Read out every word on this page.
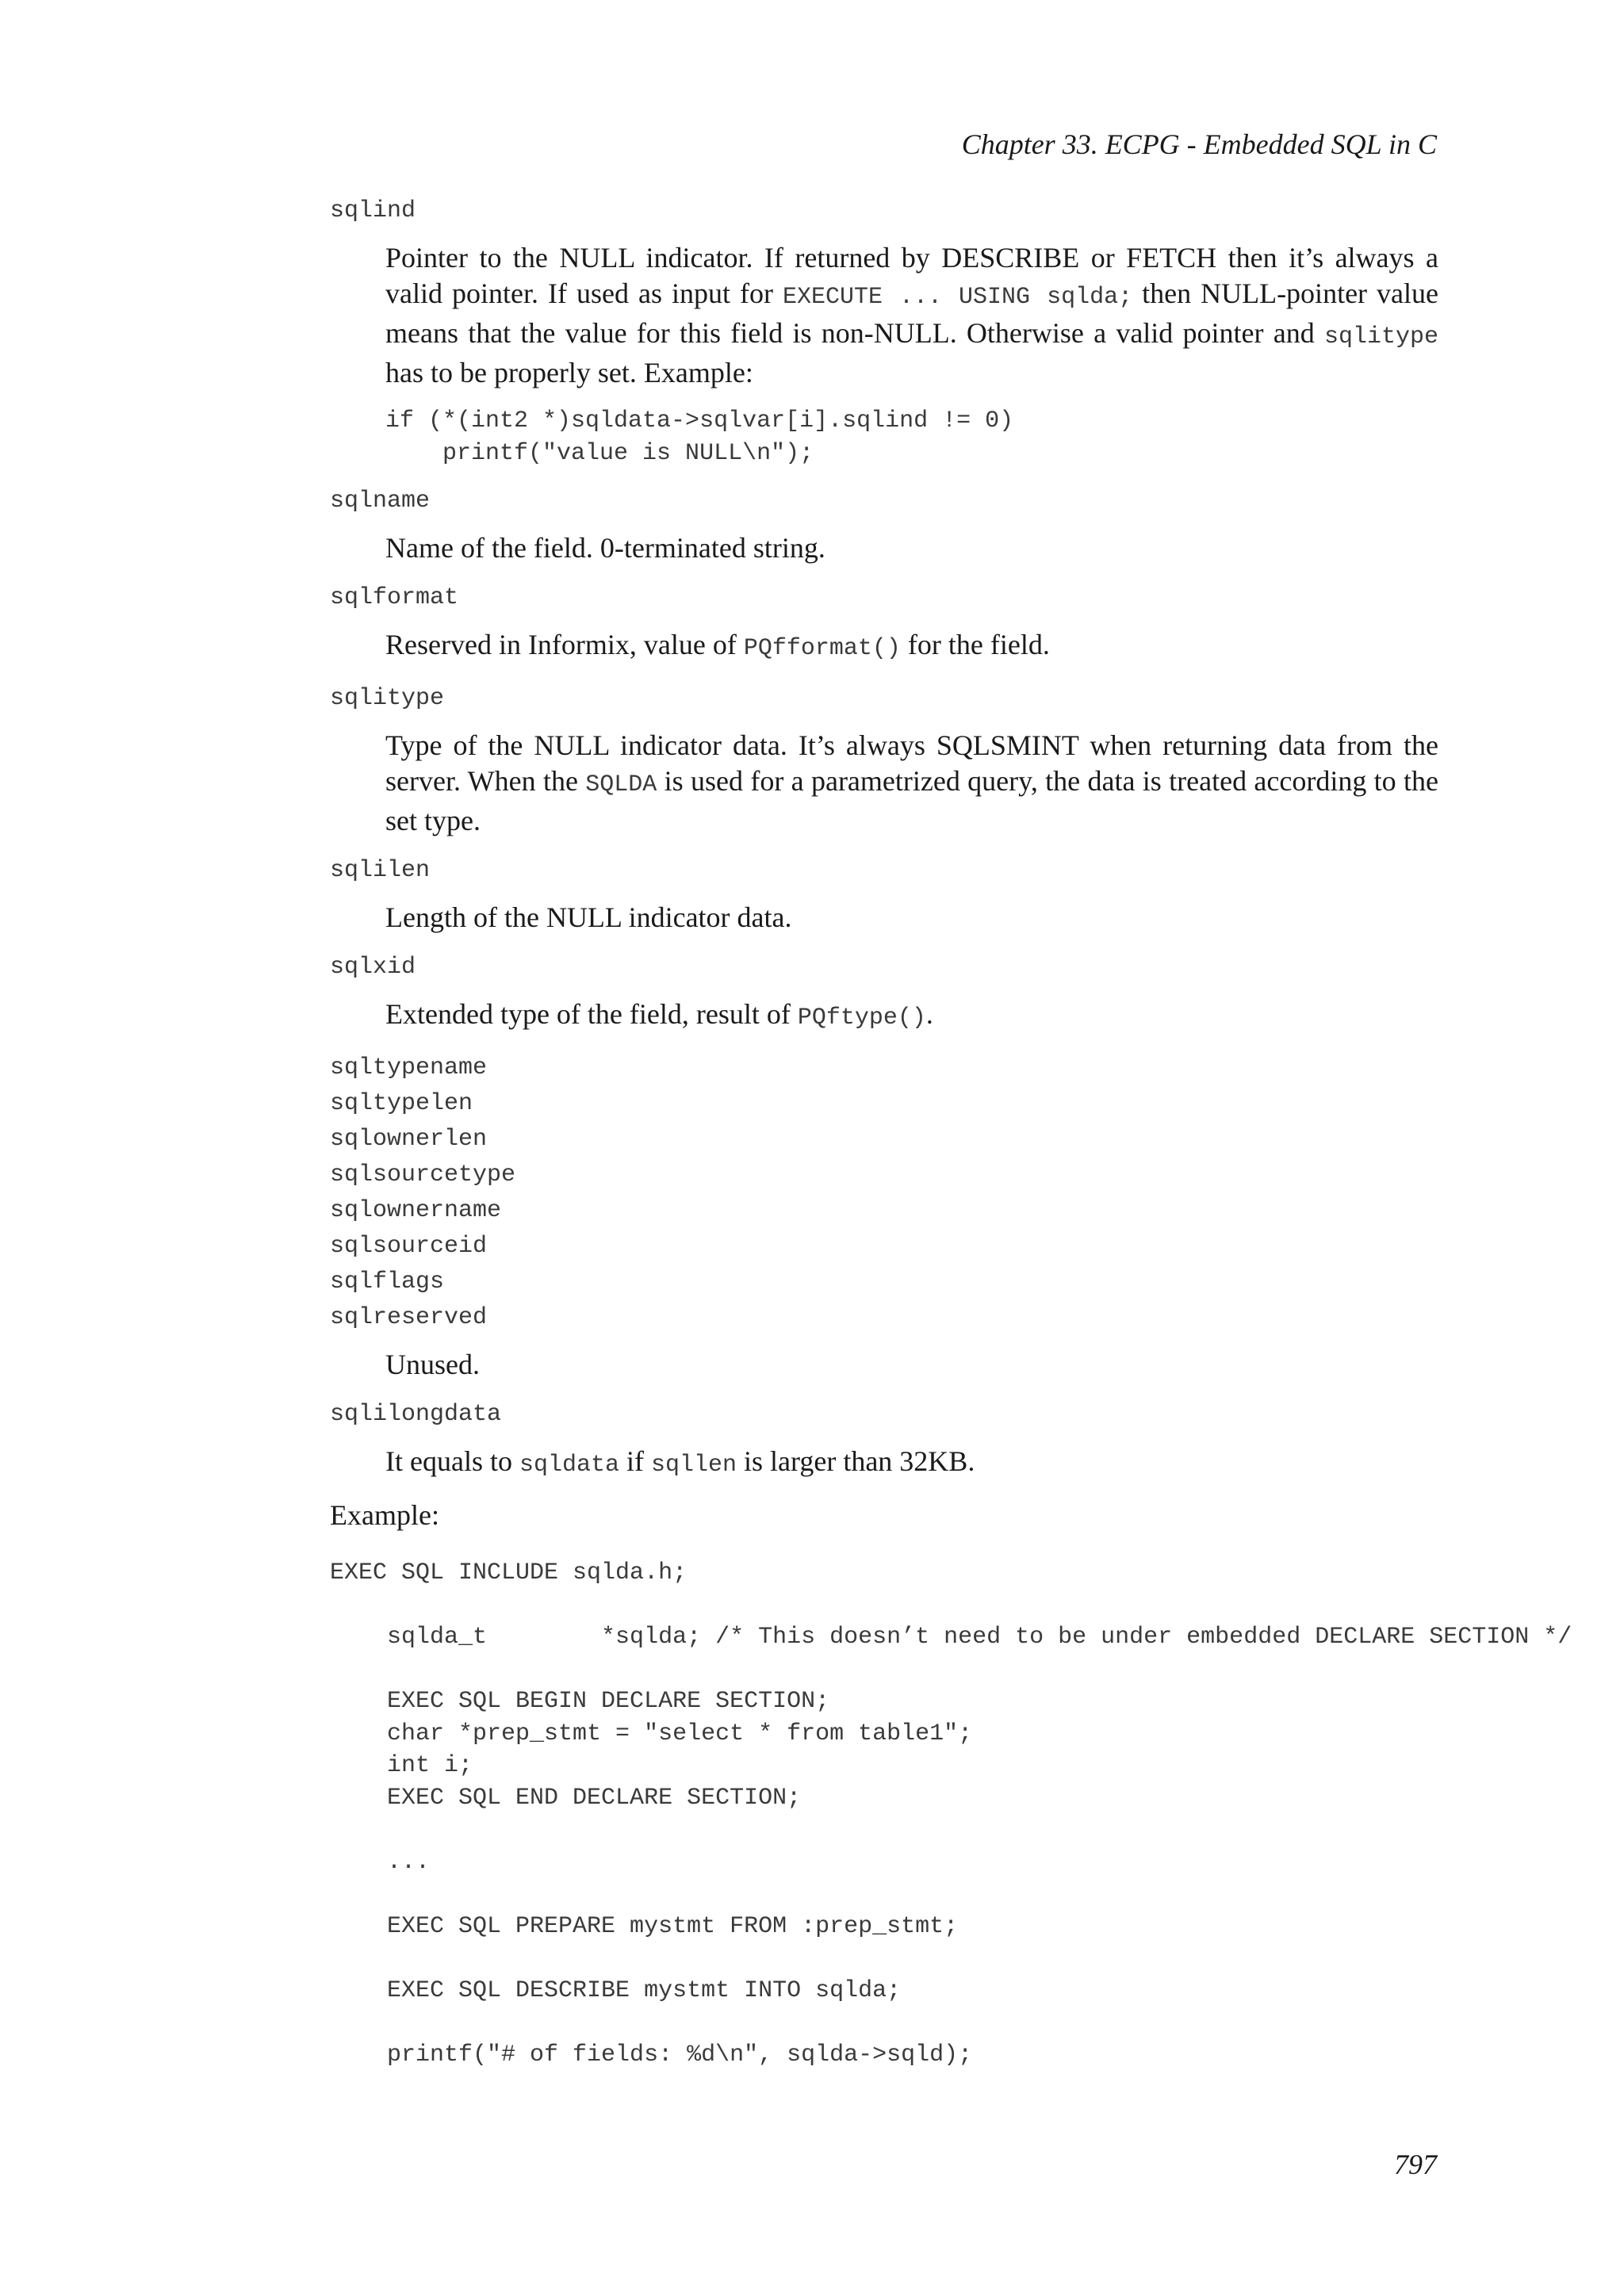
Chapter 33. ECPG - Embedded SQL in C
sqlind
Pointer to the NULL indicator. If returned by DESCRIBE or FETCH then it’s always a valid pointer. If used as input for EXECUTE ... USING sqlda; then NULL-pointer value means that the value for this field is non-NULL. Otherwise a valid pointer and sqlitype has to be properly set. Example:
if (*(int2 *)sqldata->sqlvar[i].sqlind != 0)
printf("value is NULL\n");
sqlname
Name of the field. 0-terminated string.
sqlformat
Reserved in Informix, value of PQfformat() for the field.
sqlitype
Type of the NULL indicator data. It’s always SQLSMINT when returning data from the server. When the SQLDA is used for a parametrized query, the data is treated according to the set type.
sqlilen
Length of the NULL indicator data.
sqlxid
Extended type of the field, result of PQftype().
sqltypename
sqltypelen
sqlownerlen
sqlsourcetype
sqlownername
sqlsourceid
sqlflags
sqlreserved
Unused.
sqlilongdata
It equals to sqldata if sqllen is larger than 32KB.
Example:
EXEC SQL INCLUDE sqlda.h;

sqlda_t        *sqlda; /* This doesn’t need to be under embedded DECLARE SECTION */

EXEC SQL BEGIN DECLARE SECTION;
char *prep_stmt = "select * from table1";
int i;
EXEC SQL END DECLARE SECTION;

...

EXEC SQL PREPARE mystmt FROM :prep_stmt;

EXEC SQL DESCRIBE mystmt INTO sqlda;

printf("# of fields: %d\n", sqlda->sqld);
797
